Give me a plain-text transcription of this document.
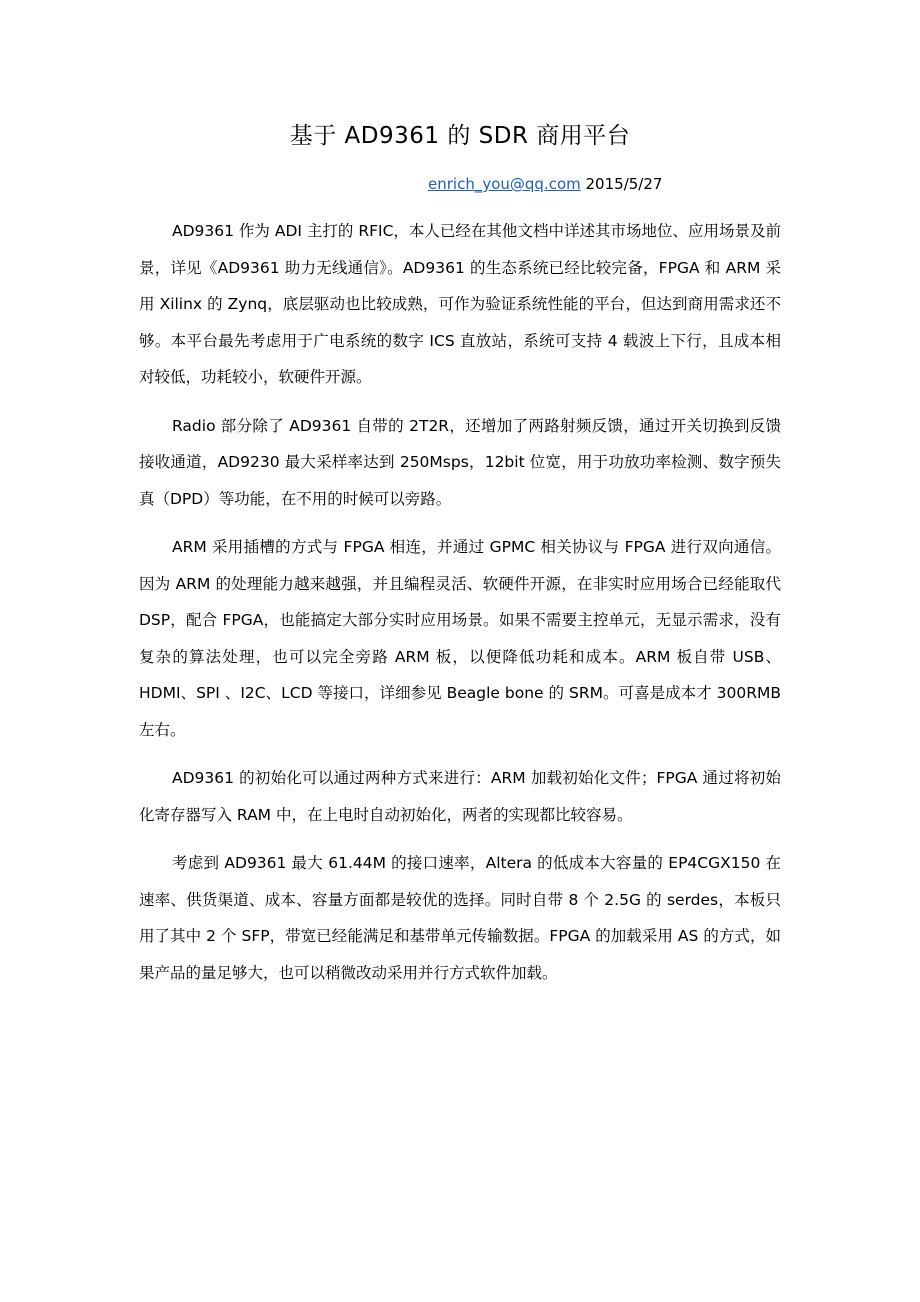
基于 AD9361 的 SDR 商用平台
enrich_you@qq.com 2015/5/27

AD9361 作为 ADI 主打的 RFIC，本人已经在其他文档中详述其市场地位、应用场景及前景，详见《AD9361 助力无线通信》。AD9361 的生态系统已经比较完备，FPGA 和 ARM 采用 Xilinx 的 Zynq，底层驱动也比较成熟，可作为验证系统性能的平台，但达到商用需求还不够。本平台最先考虑用于广电系统的数字 ICS 直放站，系统可支持 4 载波上下行，且成本相对较低，功耗较小，软硬件开源。

Radio 部分除了 AD9361 自带的 2T2R，还增加了两路射频反馈，通过开关切换到反馈接收通道，AD9230 最大采样率达到 250Msps，12bit 位宽，用于功放功率检测、数字预失真（DPD）等功能，在不用的时候可以旁路。

ARM 采用插槽的方式与 FPGA 相连，并通过 GPMC 相关协议与 FPGA 进行双向通信。因为 ARM 的处理能力越来越强，并且编程灵活、软硬件开源，在非实时应用场合已经能取代 DSP，配合 FPGA，也能搞定大部分实时应用场景。如果不需要主控单元，无显示需求，没有复杂的算法处理，也可以完全旁路 ARM 板，以便降低功耗和成本。ARM 板自带 USB、HDMI、SPI 、I2C、LCD 等接口，详细参见 Beagle bone 的 SRM。可喜是成本才 300RMB 左右。

AD9361 的初始化可以通过两种方式来进行：ARM 加载初始化文件；FPGA 通过将初始化寄存器写入 RAM 中，在上电时自动初始化，两者的实现都比较容易。

考虑到 AD9361 最大 61.44M 的接口速率，Altera 的低成本大容量的 EP4CGX150 在速率、供货渠道、成本、容量方面都是较优的选择。同时自带 8 个 2.5G 的 serdes，本板只用了其中 2 个 SFP，带宽已经能满足和基带单元传输数据。FPGA 的加载采用 AS 的方式，如果产品的量足够大，也可以稍微改动采用并行方式软件加载。
